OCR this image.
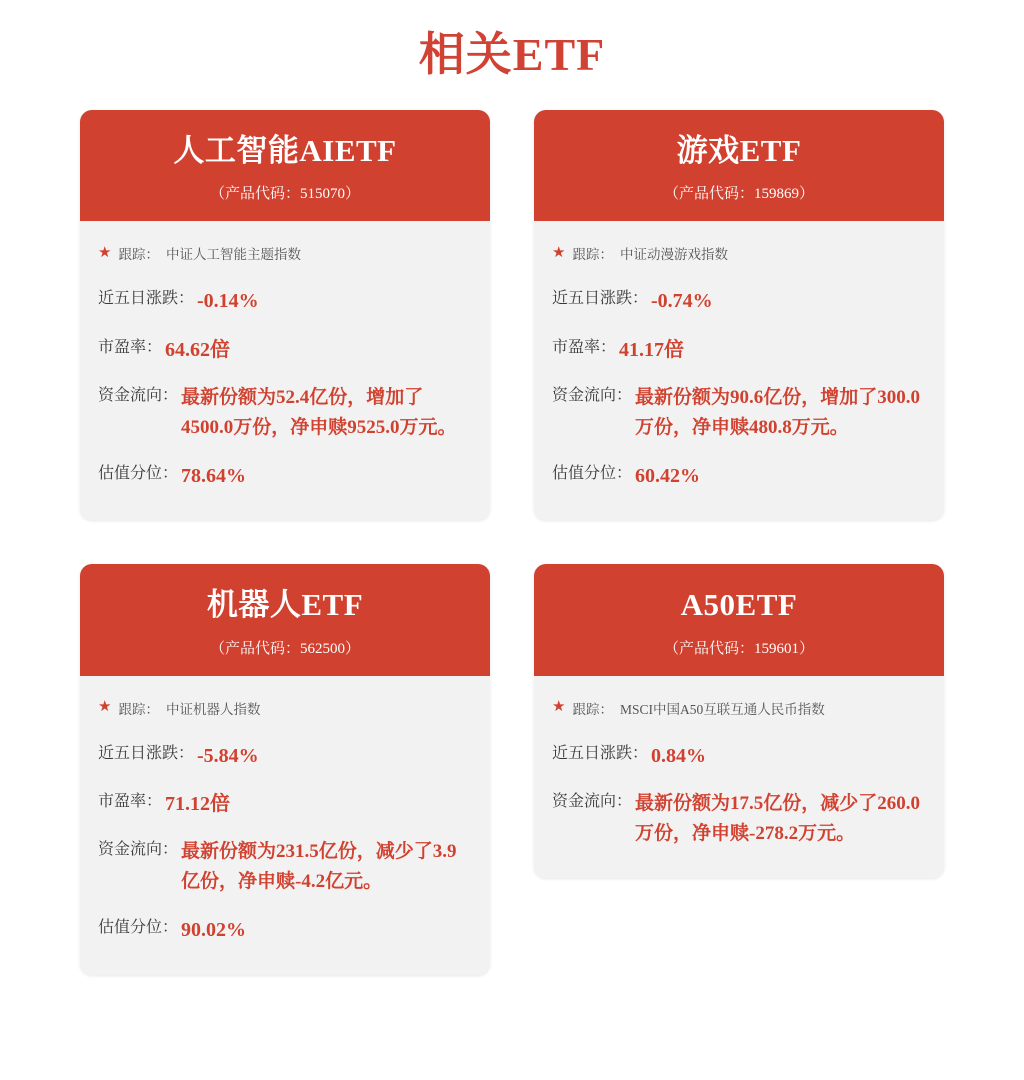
相关ETF
人工智能AIETF
（产品代码：515070）
★ 跟踪： 中证人工智能主题指数
近五日涨跌： -0.14%
市盈率： 64.62倍
资金流向： 最新份额为52.4亿份，增加了4500.0万份，净申赎9525.0万元。
估值分位： 78.64%
游戏ETF
（产品代码：159869）
★ 跟踪： 中证动漫游戏指数
近五日涨跌： -0.74%
市盈率： 41.17倍
资金流向： 最新份额为90.6亿份，增加了300.0万份，净申赎480.8万元。
估值分位： 60.42%
机器人ETF
（产品代码：562500）
★ 跟踪： 中证机器人指数
近五日涨跌： -5.84%
市盈率： 71.12倍
资金流向： 最新份额为231.5亿份，减少了3.9亿份，净申赎-4.2亿元。
估值分位： 90.02%
A50ETF
（产品代码：159601）
★ 跟踪： MSCI中国A50互联互通人民币指数
近五日涨跌： 0.84%
资金流向： 最新份额为17.5亿份，减少了260.0万份，净申赎-278.2万元。
